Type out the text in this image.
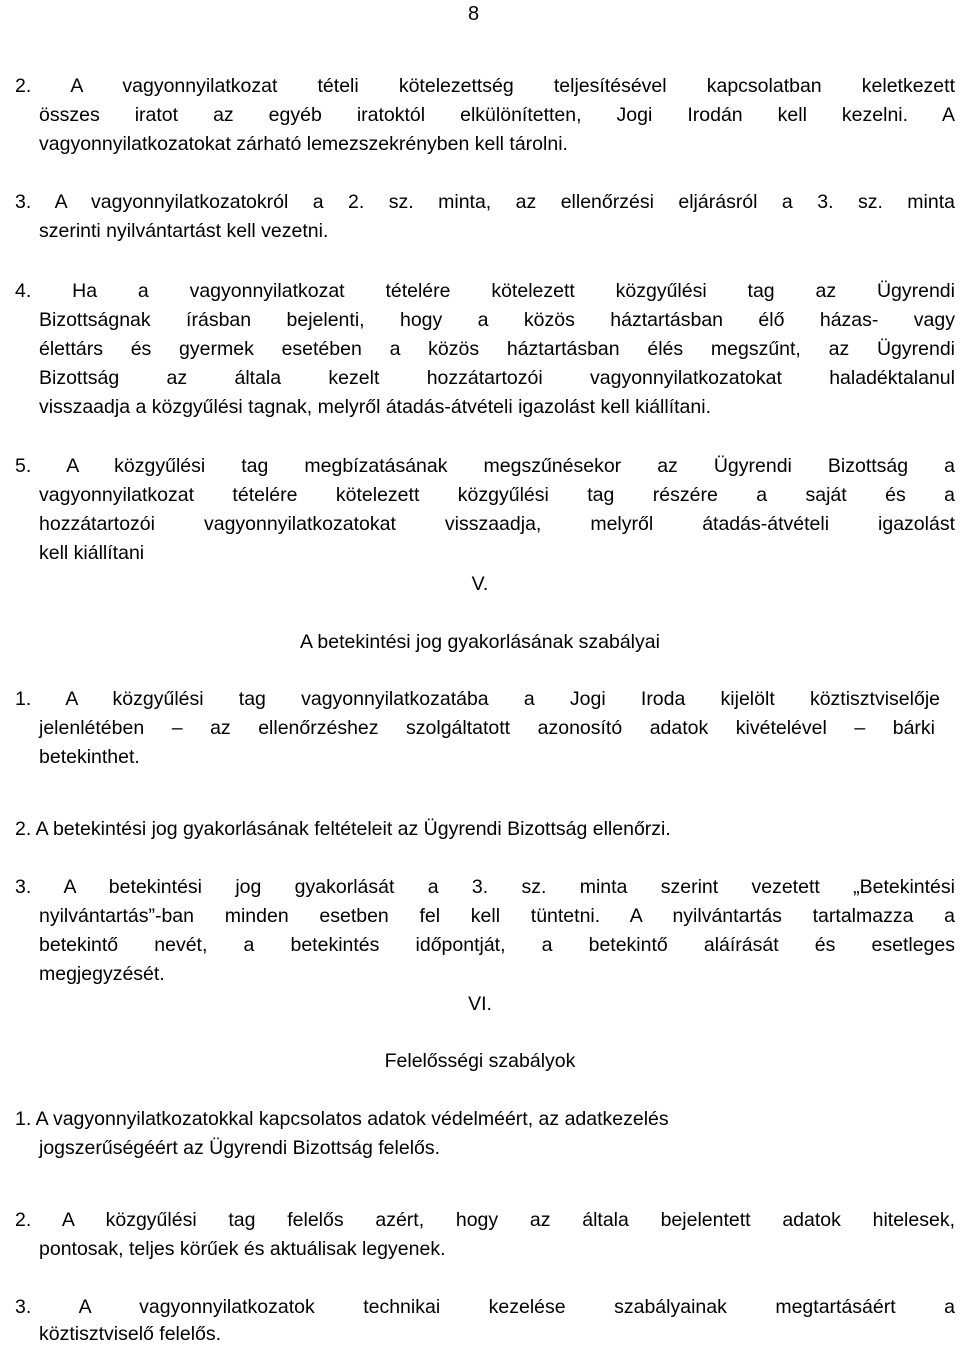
8
2. A vagyonnyilatkozat tételi kötelezettség teljesítésével kapcsolatban keletkezett
összes iratot az egyéb iratoktól elkülönítetten, Jogi Irodán kell kezelni. A
vagyonnyilatkozatokat zárható lemezszekrényben kell tárolni.
3. A vagyonnyilatkozatokról a 2. sz. minta, az ellenőrzési eljárásról a 3. sz. minta
szerinti nyilvántartást kell vezetni.
4. Ha a vagyonnyilatkozat tételére kötelezett közgyűlési tag az Ügyrendi
Bizottságnak írásban bejelenti, hogy a közös háztartásban élő házas- vagy
élettárs és gyermek esetében a közös háztartásban élés megszűnt, az Ügyrendi
Bizottság az általa kezelt hozzátartozói vagyonnyilatkozatokat haladéktalanul
visszaadja a közgyűlési tagnak, melyről átadás-átvételi igazolást kell kiállítani.
5. A közgyűlési tag megbízatásának megszűnésekor az Ügyrendi Bizottság a
vagyonnyilatkozat tételére kötelezett közgyűlési tag részére a saját és a
hozzátartozói vagyonnyilatkozatokat visszaadja, melyről átadás-átvételi igazolást
kell kiállítani
V.
A betekintési jog gyakorlásának szabályai
1. A közgyűlési tag vagyonnyilatkozatába a Jogi Iroda kijelölt köztisztviselője
jelenlétében – az ellenőrzéshez szolgáltatott azonosító adatok kivételével – bárki
betekinthet.
2. A betekintési jog gyakorlásának feltételeit az Ügyrendi Bizottság ellenőrzi.
3. A betekintési jog gyakorlását a 3. sz. minta szerint vezetett „Betekintési
nyilvántartás”-ban minden esetben fel kell tüntetni. A nyilvántartás tartalmazza a
betekintő nevét, a betekintés időpontját, a betekintő aláírását és esetleges
megjegyzését.
VI.
Felelősségi szabályok
1. A vagyonnyilatkozatokkal kapcsolatos adatok védelméért, az adatkezelés
jogszerűségéért az Ügyrendi Bizottság felelős.
2. A közgyűlési tag felelős azért, hogy az általa bejelentett adatok hitelesek,
pontosak, teljes körűek és aktuálisak legyenek.
3. A vagyonnyilatkozatok technikai kezelése szabályainak megtartásáért a
köztisztviselő felelős.
